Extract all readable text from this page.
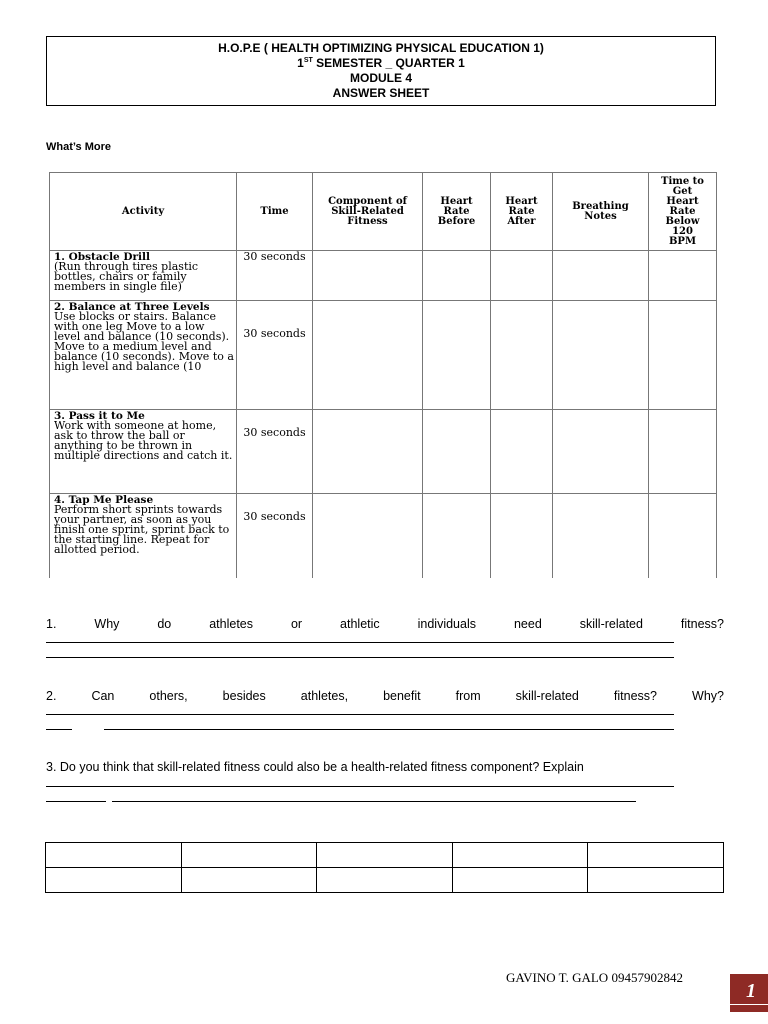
H.O.P.E ( HEALTH OPTIMIZING PHYSICAL EDUCATION 1)
1ST SEMESTER _ QUARTER 1
MODULE 4
ANSWER SHEET
What’s More
Activity	Time	Component of Skill-Related Fitness	Heart Rate Before	Heart Rate After	Breathing Notes	Time to Get Heart Rate Below 120 BPM
1. Obstacle Drill
(Run through tires plastic bottles, chairs or family members in single file)	30 seconds					
2. Balance at Three Levels
Use blocks or stairs. Balance with one leg Move to a low level and balance (10 seconds). Move to a medium level and balance (10 seconds). Move to a high level and balance (10	30 seconds					
3. Pass it to Me
Work with someone at home, ask to throw the ball or anything to be thrown in multiple directions and catch it.	30 seconds					
4. Tap Me Please
Perform short sprints towards your partner, as soon as you finish one sprint, sprint back to the starting line. Repeat for allotted period.	30 seconds					
1. Why do athletes or athletic individuals need skill-related fitness?
2. Can others, besides athletes, benefit from skill-related fitness? Why?
3. Do you think that skill-related fitness could also be a health-related fitness component? Explain

GAVINO T. GALO 09457902842
1
